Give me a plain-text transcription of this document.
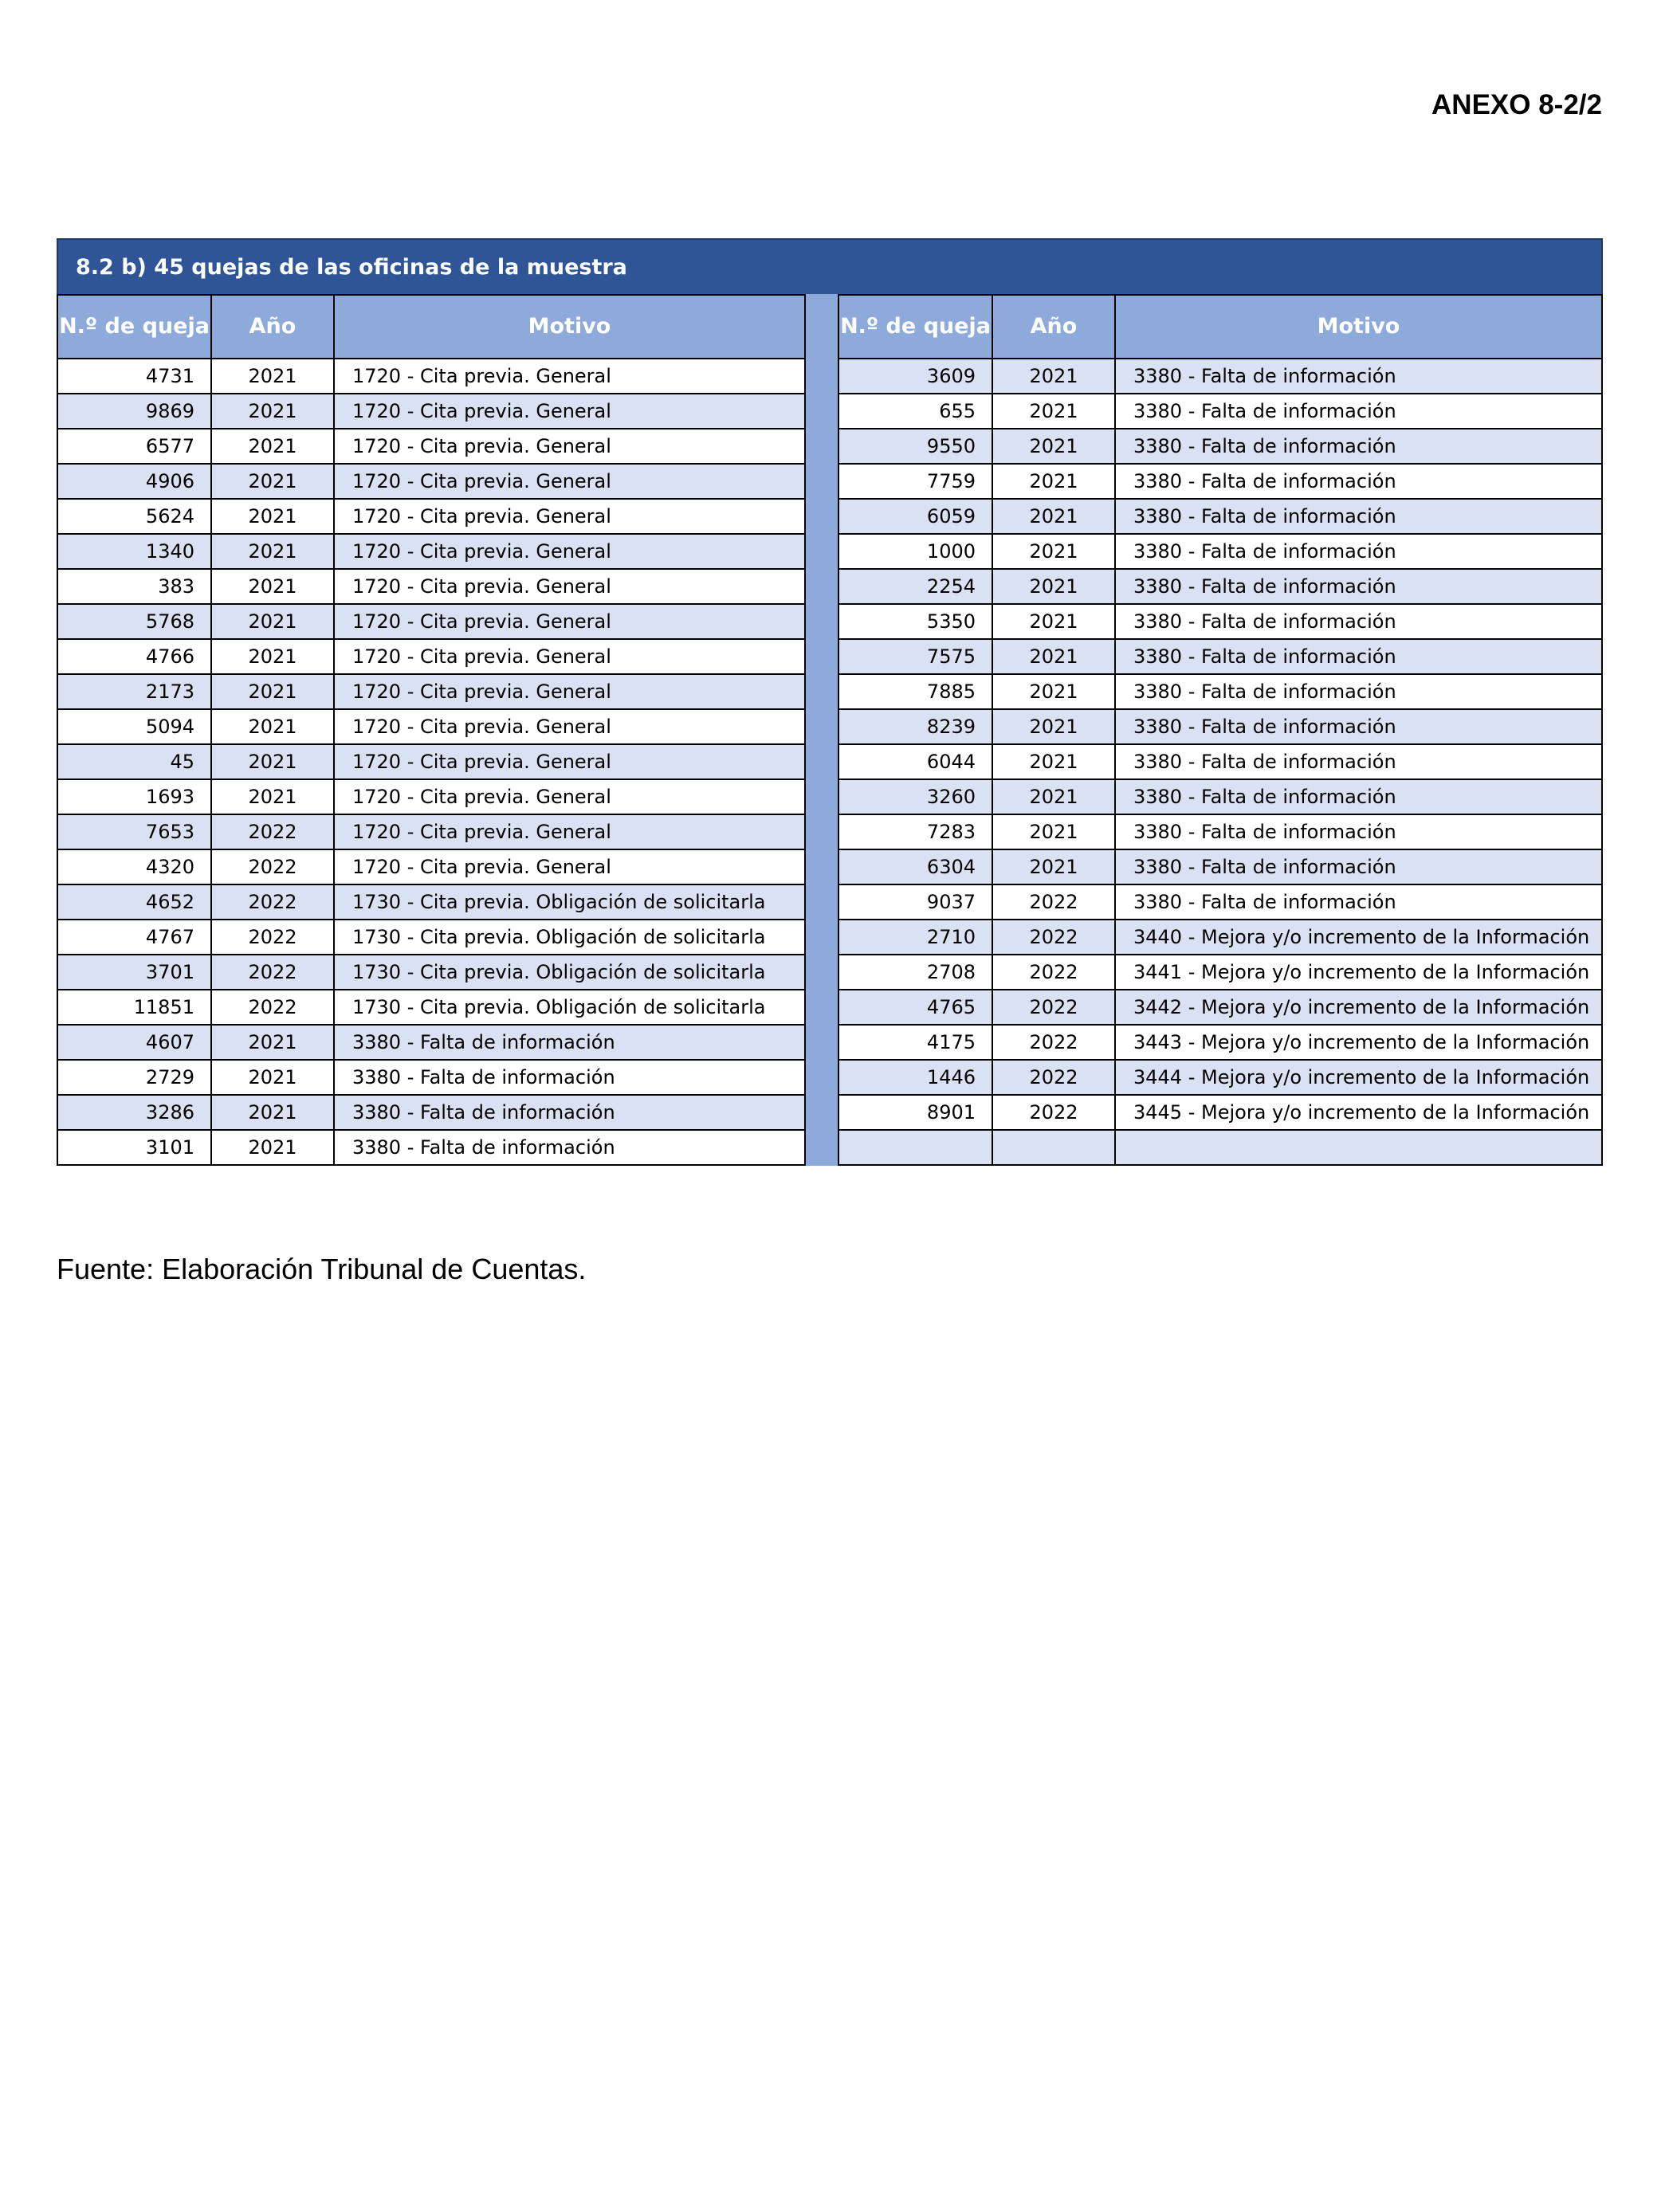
ANEXO 8-2/2
8.2 b) 45 quejas de las oficinas de la muestra
N.º de queja	Año	Motivo
4731	2021	1720 - Cita previa. General
9869	2021	1720 - Cita previa. General
6577	2021	1720 - Cita previa. General
4906	2021	1720 - Cita previa. General
5624	2021	1720 - Cita previa. General
1340	2021	1720 - Cita previa. General
383	2021	1720 - Cita previa. General
5768	2021	1720 - Cita previa. General
4766	2021	1720 - Cita previa. General
2173	2021	1720 - Cita previa. General
5094	2021	1720 - Cita previa. General
45	2021	1720 - Cita previa. General
1693	2021	1720 - Cita previa. General
7653	2022	1720 - Cita previa. General
4320	2022	1720 - Cita previa. General
4652	2022	1730 - Cita previa. Obligación de solicitarla
4767	2022	1730 - Cita previa. Obligación de solicitarla
3701	2022	1730 - Cita previa. Obligación de solicitarla
11851	2022	1730 - Cita previa. Obligación de solicitarla
4607	2021	3380 - Falta de información
2729	2021	3380 - Falta de información
3286	2021	3380 - Falta de información
3101	2021	3380 - Falta de información
N.º de queja	Año	Motivo
3609	2021	3380 - Falta de información
655	2021	3380 - Falta de información
9550	2021	3380 - Falta de información
7759	2021	3380 - Falta de información
6059	2021	3380 - Falta de información
1000	2021	3380 - Falta de información
2254	2021	3380 - Falta de información
5350	2021	3380 - Falta de información
7575	2021	3380 - Falta de información
7885	2021	3380 - Falta de información
8239	2021	3380 - Falta de información
6044	2021	3380 - Falta de información
3260	2021	3380 - Falta de información
7283	2021	3380 - Falta de información
6304	2021	3380 - Falta de información
9037	2022	3380 - Falta de información
2710	2022	3440 - Mejora y/o incremento de la Información
2708	2022	3441 - Mejora y/o incremento de la Información
4765	2022	3442 - Mejora y/o incremento de la Información
4175	2022	3443 - Mejora y/o incremento de la Información
1446	2022	3444 - Mejora y/o incremento de la Información
8901	2022	3445 - Mejora y/o incremento de la Información

Fuente: Elaboración Tribunal de Cuentas.
